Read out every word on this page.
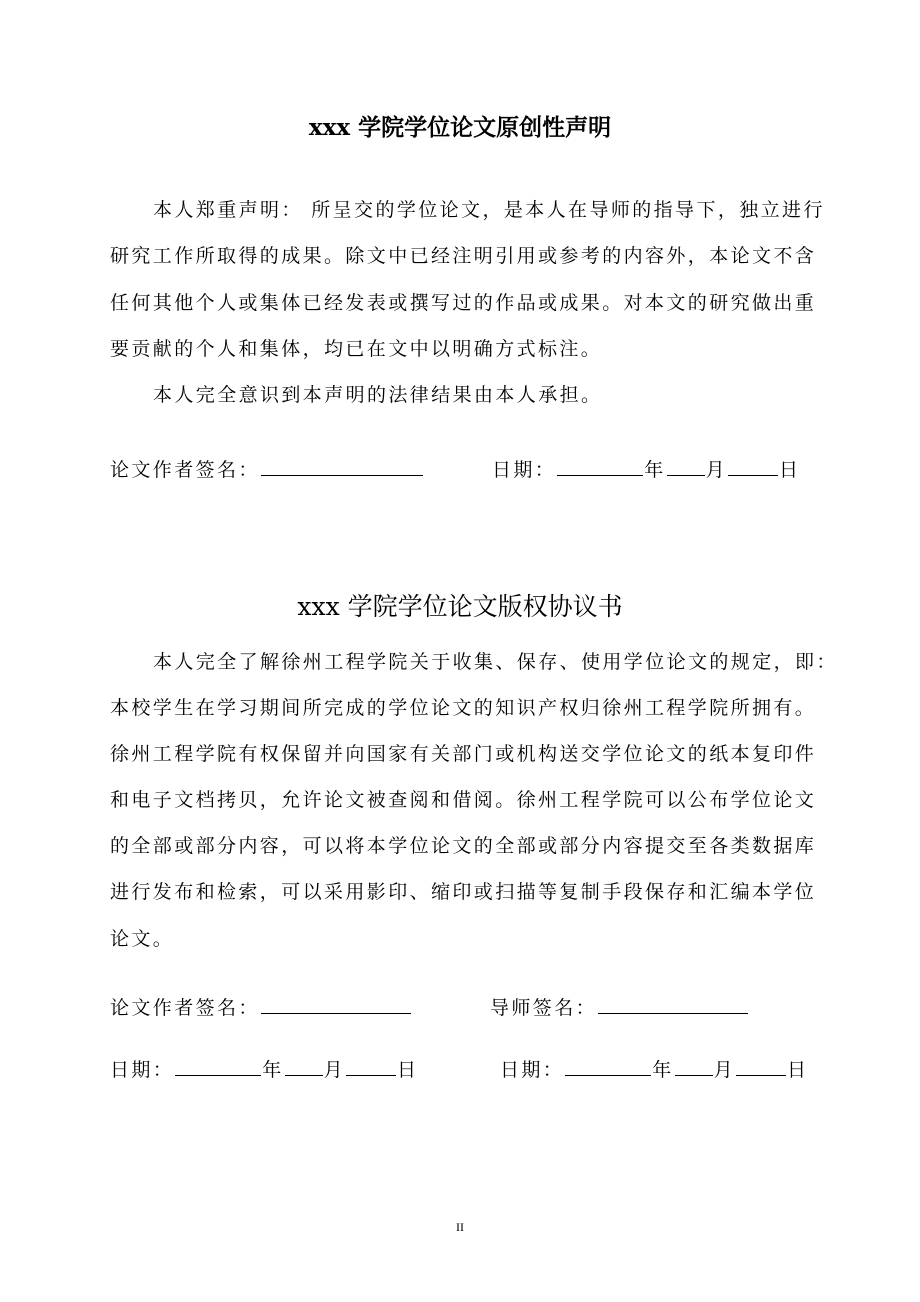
xxx 学院学位论文原创性声明
本人郑重声明： 所呈交的学位论文，是本人在导师的指导下，独立进行
研究工作所取得的成果。除文中已经注明引用或参考的内容外，本论文不含
任何其他个人或集体已经发表或撰写过的作品或成果。对本文的研究做出重
要贡献的个人和集体，均已在文中以明确方式标注。
本人完全意识到本声明的法律结果由本人承担。
论文作者签名：	日期：	年 月	日
xxx 学院学位论文版权协议书
本人完全了解徐州工程学院关于收集、保存、使用学位论文的规定，即：
本校学生在学习期间所完成的学位论文的知识产权归徐州工程学院所拥有。
徐州工程学院有权保留并向国家有关部门或机构送交学位论文的纸本复印件
和电子文档拷贝，允许论文被查阅和借阅。徐州工程学院可以公布学位论文
的全部或部分内容，可以将本学位论文的全部或部分内容提交至各类数据库
进行发布和检索，可以采用影印、缩印或扫描等复制手段保存和汇编本学位
论文。
论文作者签名：	导师签名：
日期：	年 月	日	日期：	年 月	日
II
